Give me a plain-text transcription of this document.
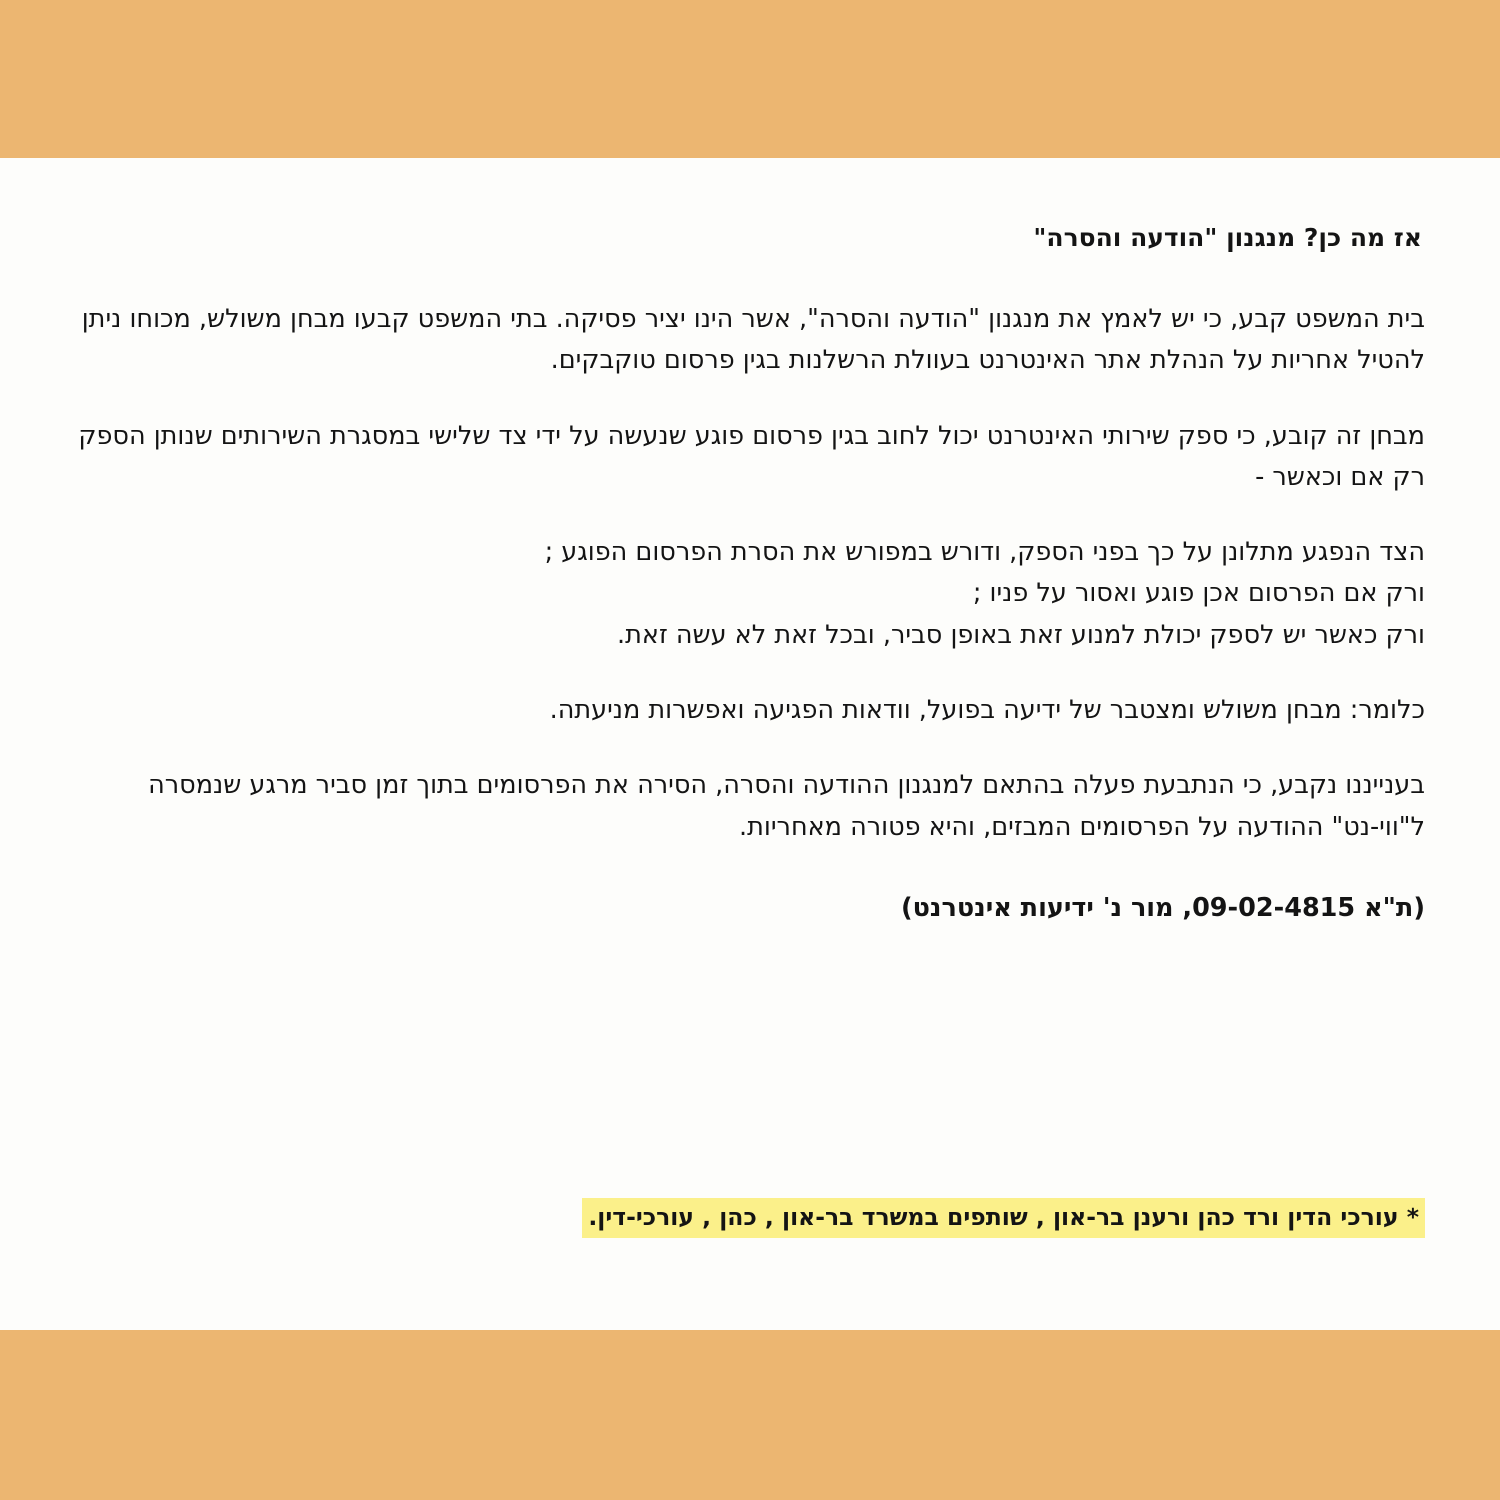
אז מה כן? מנגנון "הודעה והסרה"

בית המשפט קבע, כי יש לאמץ את מנגנון "הודעה והסרה", אשר הינו יציר פסיקה. בתי המשפט קבעו מבחן משולש, מכוחו ניתן להטיל אחריות על הנהלת אתר האינטרנט בעוולת הרשלנות בגין פרסום טוקבקים.

מבחן זה קובע, כי ספק שירותי האינטרנט יכול לחוב בגין פרסום פוגע שנעשה על ידי צד שלישי במסגרת השירותים שנותן הספק רק אם וכאשר -

הצד הנפגע מתלונן על כך בפני הספק, ודורש במפורש את הסרת הפרסום הפוגע ;
ורק אם הפרסום אכן פוגע ואסור על פניו ;
ורק כאשר יש לספק יכולת למנוע זאת באופן סביר, ובכל זאת לא עשה זאת.

כלומר: מבחן משולש ומצטבר של ידיעה בפועל, וודאות הפגיעה ואפשרות מניעתה.

בענייננו נקבע, כי הנתבעת פעלה בהתאם למנגנון ההודעה והסרה, הסירה את הפרסומים בתוך זמן סביר מרגע שנמסרה ל"ווי-נט" ההודעה על הפרסומים המבזים, והיא פטורה מאחריות.

(ת"א 09-02-4815, מור נ' ידיעות אינטרנט)

* עורכי הדין ורד כהן ורענן בר-און , שותפים במשרד בר-און , כהן , עורכי-דין.
